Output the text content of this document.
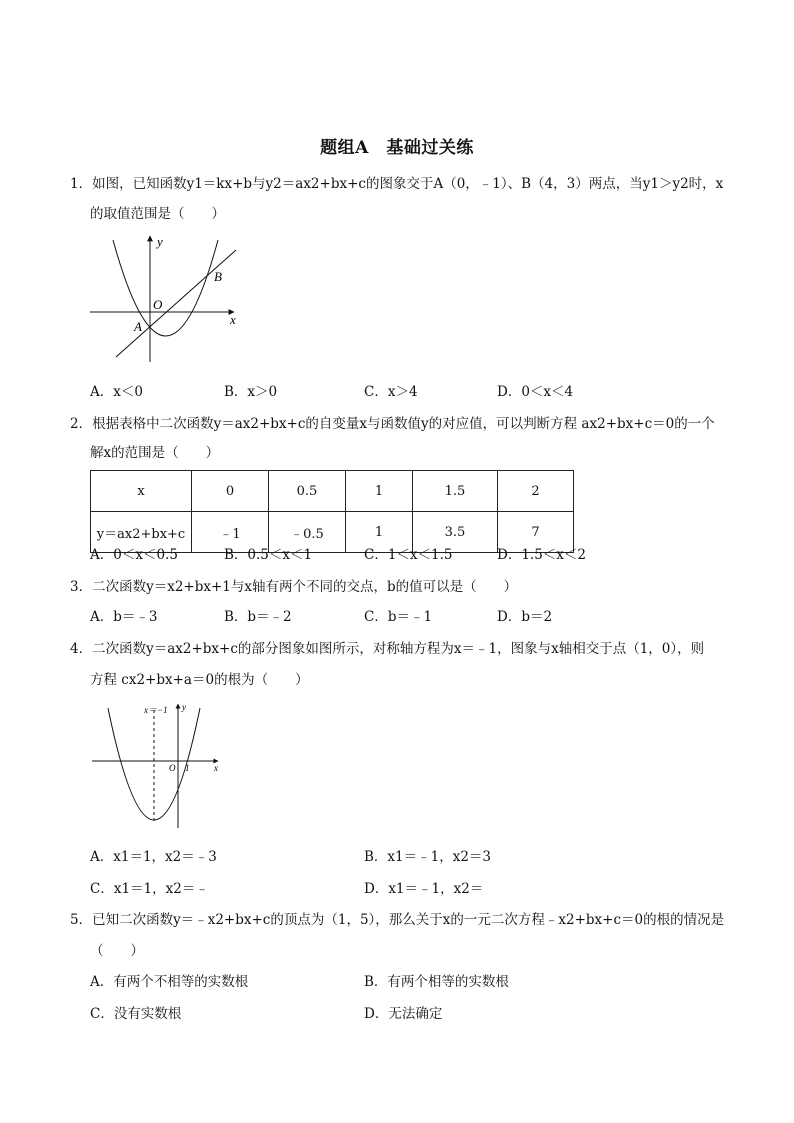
题组A　基础过关练
1．如图，已知函数y1＝kx+b与y2＝ax2+bx+c的图象交于A（0，﹣1）、B（4，3）两点，当y1＞y2时，x
的取值范围是（　　）
y
x
O
A
B
A．x＜0	B．x＞0	C．x＞4	D．0＜x＜4
2．根据表格中二次函数y＝ax2+bx+c的自变量x与函数值y的对应值，可以判断方程 ax2+bx+c＝0的一个
解x的范围是（　　）
x	0	0.5	1	1.5	2
y＝ax2+bx+c	﹣1	﹣0.5	1	3.5	7
A．0＜x＜0.5	B．0.5＜x＜1	C．1＜x＜1.5	D．1.5＜x＜2
3．二次函数y＝x2+bx+1与x轴有两个不同的交点，b的值可以是（　　）
A．b＝﹣3	B．b＝﹣2	C．b＝﹣1	D．b＝2
4．二次函数y＝ax2+bx+c的部分图象如图所示，对称轴方程为x＝﹣1，图象与x轴相交于点（1，0），则
方程 cx2+bx+a＝0的根为（　　）
x＝−1 y
x
O 1
A．x1＝1，x2＝﹣3	B．x1＝﹣1，x2＝3
C．x1＝1，x2＝﹣	D．x1＝﹣1，x2＝
5．已知二次函数y＝﹣x2+bx+c的顶点为（1，5），那么关于x的一元二次方程﹣x2+bx+c＝0的根的情况是
（　　）
A．有两个不相等的实数根	B．有两个相等的实数根
C．没有实数根	D．无法确定
